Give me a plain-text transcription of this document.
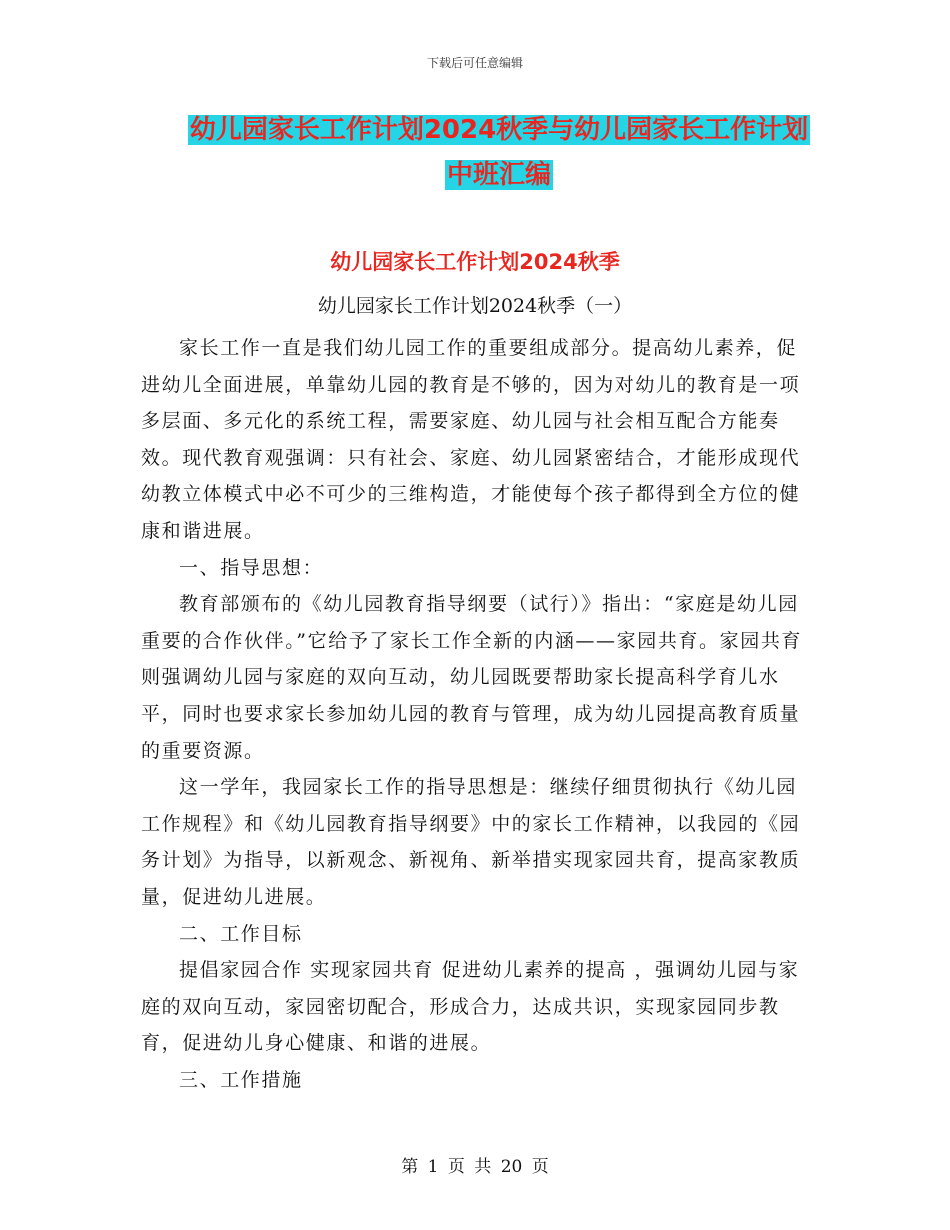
下载后可任意编辑
幼儿园家长工作计划2024秋季与幼儿园家长工作计划
中班汇编
幼儿园家长工作计划2024秋季
幼儿园家长工作计划2024秋季（一）

家长工作一直是我们幼儿园工作的重要组成部分。提高幼儿素养，促进幼儿全面进展，单靠幼儿园的教育是不够的，因为对幼儿的教育是一项多层面、多元化的系统工程，需要家庭、幼儿园与社会相互配合方能奏效。现代教育观强调：只有社会、家庭、幼儿园紧密结合，才能形成现代幼教立体模式中必不可少的三维构造，才能使每个孩子都得到全方位的健康和谐进展。

一、指导思想：

教育部颁布的《幼儿园教育指导纲要（试行）》指出：“家庭是幼儿园重要的合作伙伴。”它给予了家长工作全新的内涵——家园共育。家园共育则强调幼儿园与家庭的双向互动，幼儿园既要帮助家长提高科学育儿水平，同时也要求家长参加幼儿园的教育与管理，成为幼儿园提高教育质量的重要资源。

这一学年，我园家长工作的指导思想是：继续仔细贯彻执行《幼儿园工作规程》和《幼儿园教育指导纲要》中的家长工作精神，以我园的《园务计划》为指导，以新观念、新视角、新举措实现家园共育，提高家教质量，促进幼儿进展。

二、工作目标

提倡家园合作 实现家园共育 促进幼儿素养的提高 ，强调幼儿园与家庭的双向互动，家园密切配合，形成合力，达成共识，实现家园同步教育，促进幼儿身心健康、和谐的进展。

三、工作措施

第 1 页 共 20 页
